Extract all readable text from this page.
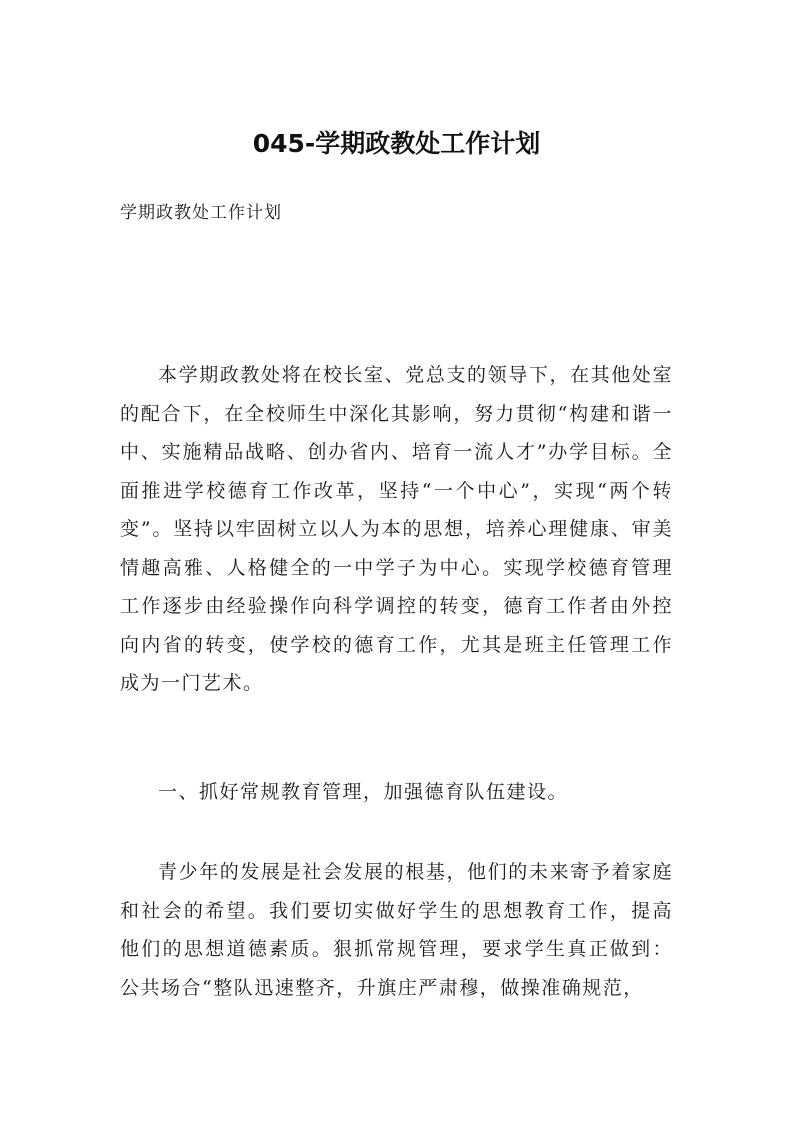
045-学期政教处工作计划

学期政教处工作计划

本学期政教处将在校长室、党总支的领导下，在其他处室的配合下，在全校师生中深化其影响，努力贯彻“构建和谐一中、实施精品战略、创办省内、培育一流人才”办学目标。全面推进学校德育工作改革，坚持“一个中心”，实现“两个转变”。坚持以牢固树立以人为本的思想，培养心理健康、审美情趣高雅、人格健全的一中学子为中心。实现学校德育管理工作逐步由经验操作向科学调控的转变，德育工作者由外控向内省的转变，使学校的德育工作，尤其是班主任管理工作成为一门艺术。

一、抓好常规教育管理，加强德育队伍建设。

青少年的发展是社会发展的根基，他们的未来寄予着家庭和社会的希望。我们要切实做好学生的思想教育工作，提高他们的思想道德素质。狠抓常规管理，要求学生真正做到：公共场合“整队迅速整齐，升旗庄严肃穆，做操准确规范，
